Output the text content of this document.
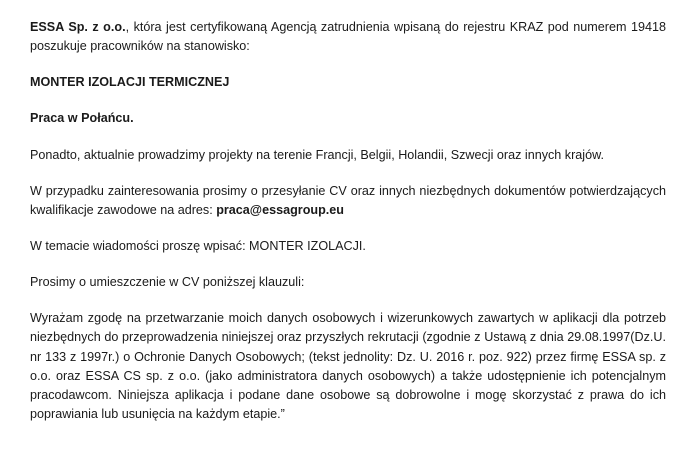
ESSA Sp. z o.o., która jest certyfikowaną Agencją zatrudnienia wpisaną do rejestru KRAZ pod numerem 19418 poszukuje pracowników na stanowisko:

MONTER IZOLACJI TERMICZNEJ

Praca w Połańcu.

Ponadto, aktualnie prowadzimy projekty na terenie Francji, Belgii, Holandii, Szwecji oraz innych krajów.

W przypadku zainteresowania prosimy o przesyłanie CV oraz innych niezbędnych dokumentów potwierdzających kwalifikacje zawodowe na adres: praca@essagroup.eu

W temacie wiadomości proszę wpisać: MONTER IZOLACJI.

Prosimy o umieszczenie w CV poniższej klauzuli:

Wyrażam zgodę na przetwarzanie moich danych osobowych i wizerunkowych zawartych w aplikacji dla potrzeb niezbędnych do przeprowadzenia niniejszej oraz przyszłych rekrutacji (zgodnie z Ustawą z dnia 29.08.1997(Dz.U. nr 133 z 1997r.) o Ochronie Danych Osobowych; (tekst jednolity: Dz. U. 2016 r. poz. 922) przez firmę ESSA sp. z o.o. oraz ESSA CS sp. z o.o. (jako administratora danych osobowych) a także udostępnienie ich potencjalnym pracodawcom. Niniejsza aplikacja i podane dane osobowe są dobrowolne i mogę skorzystać z prawa do ich poprawiania lub usunięcia na każdym etapie.”
